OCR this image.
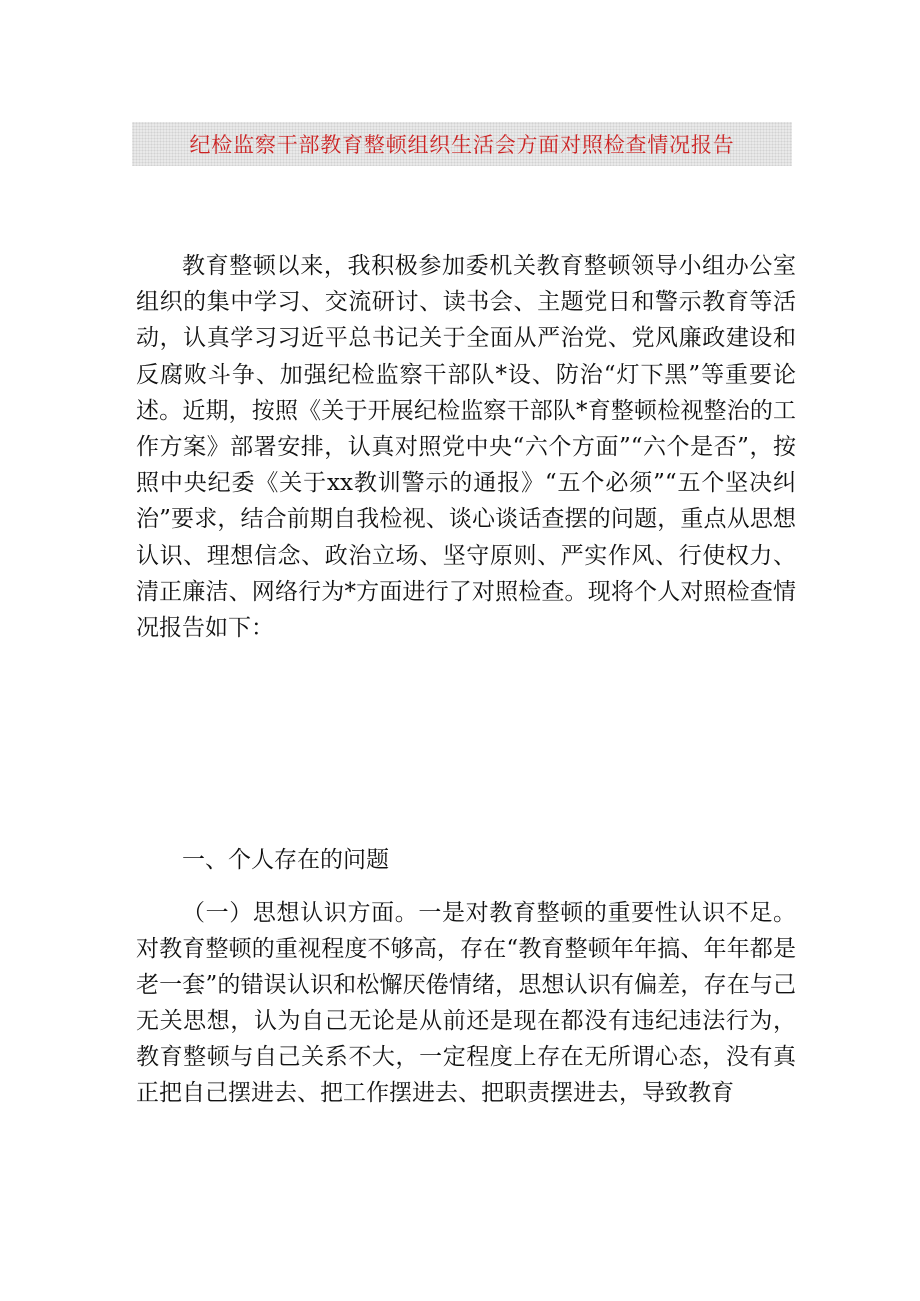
纪检监察干部教育整顿组织生活会方面对照检查情况报告

教育整顿以来，我积极参加委机关教育整顿领导小组办公室组织的集中学习、交流研讨、读书会、主题党日和警示教育等活动，认真学习习近平总书记关于全面从严治党、党风廉政建设和反腐败斗争、加强纪检监察干部队*设、防治“灯下黑”等重要论述。近期，按照《关于开展纪检监察干部队*育整顿检视整治的工作方案》部署安排，认真对照党中央“六个方面”“六个是否”，按照中央纪委《关于xx教训警示的通报》“五个必须”“五个坚决纠治”要求，结合前期自我检视、谈心谈话查摆的问题，重点从思想认识、理想信念、政治立场、坚守原则、严实作风、行使权力、清正廉洁、网络行为*方面进行了对照检查。现将个人对照检查情况报告如下：

一、个人存在的问题

（一）思想认识方面。一是对教育整顿的重要性认识不足。对教育整顿的重视程度不够高，存在“教育整顿年年搞、年年都是老一套”的错误认识和松懈厌倦情绪，思想认识有偏差，存在与己无关思想，认为自己无论是从前还是现在都没有违纪违法行为，教育整顿与自己关系不大，一定程度上存在无所谓心态，没有真正把自己摆进去、把工作摆进去、把职责摆进去，导致教育
